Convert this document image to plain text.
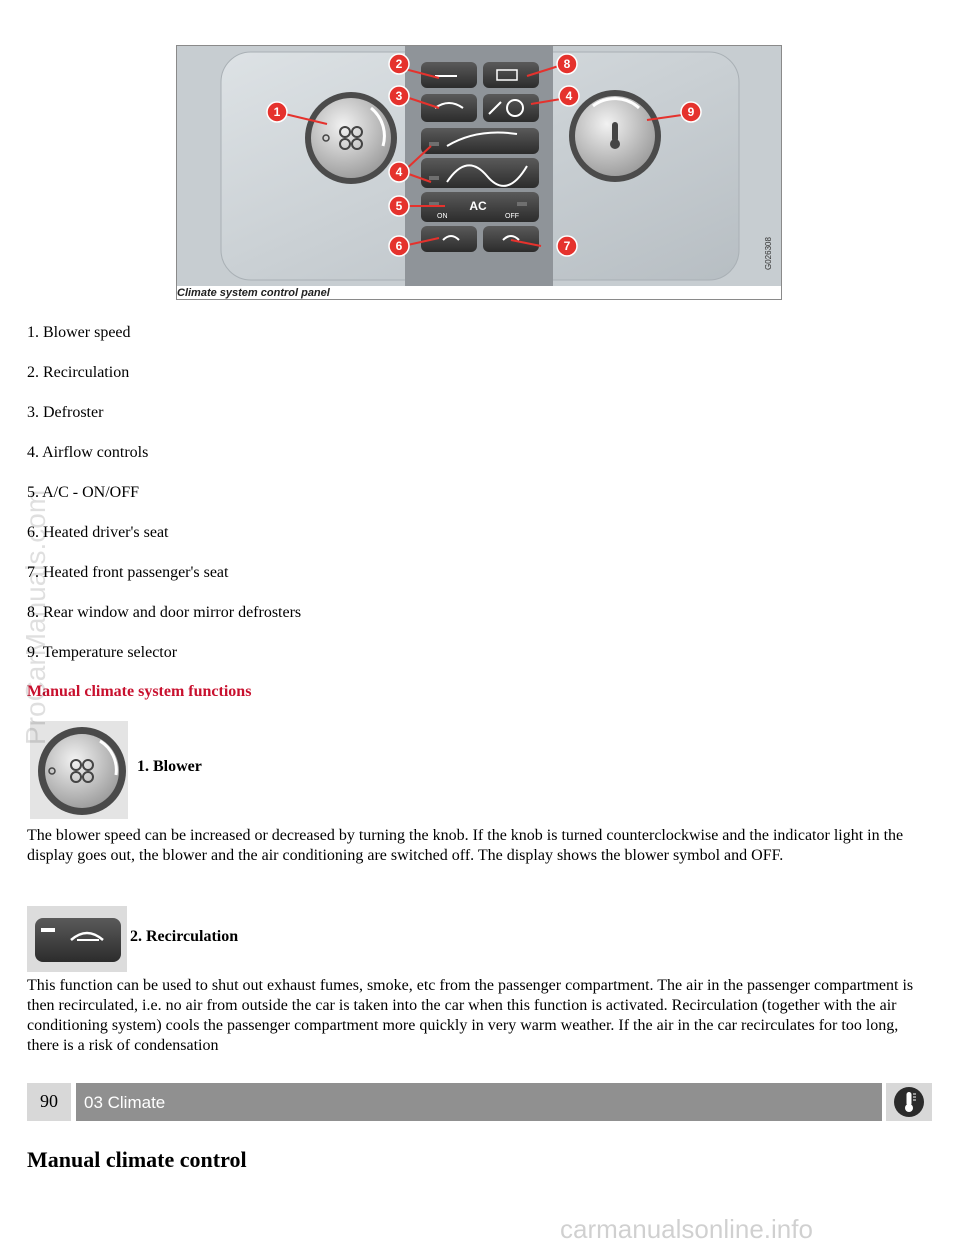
AC
ON	OFF
1
2
3
4
4
5
6	7
8
9
G026308
Climate system control panel
1. Blower speed
2. Recirculation
3. Defroster
4. Airflow controls
5. A/C - ON/OFF
6. Heated driver's seat
7. Heated front passenger's seat
8. Rear window and door mirror defrosters
9. Temperature selector
Manual climate system functions
1. Blower
The blower speed can be increased or decreased by turning the knob. If the knob is turned counterclockwise and the indicator light in the display goes out, the blower and the air conditioning are switched off. The display shows the blower symbol and OFF.
2. Recirculation
This function can be used to shut out exhaust fumes, smoke, etc from the passenger compartment. The air in the passenger compartment is then recirculated, i.e. no air from outside the car is taken into the car when this function is activated. Recirculation (together with the air conditioning system) cools the passenger compartment more quickly in very warm weather. If the air in the car recirculates for too long, there is a risk of condensation
90	03 Climate
Manual climate control
ProCarManuals.com
carmanualsonline.info
